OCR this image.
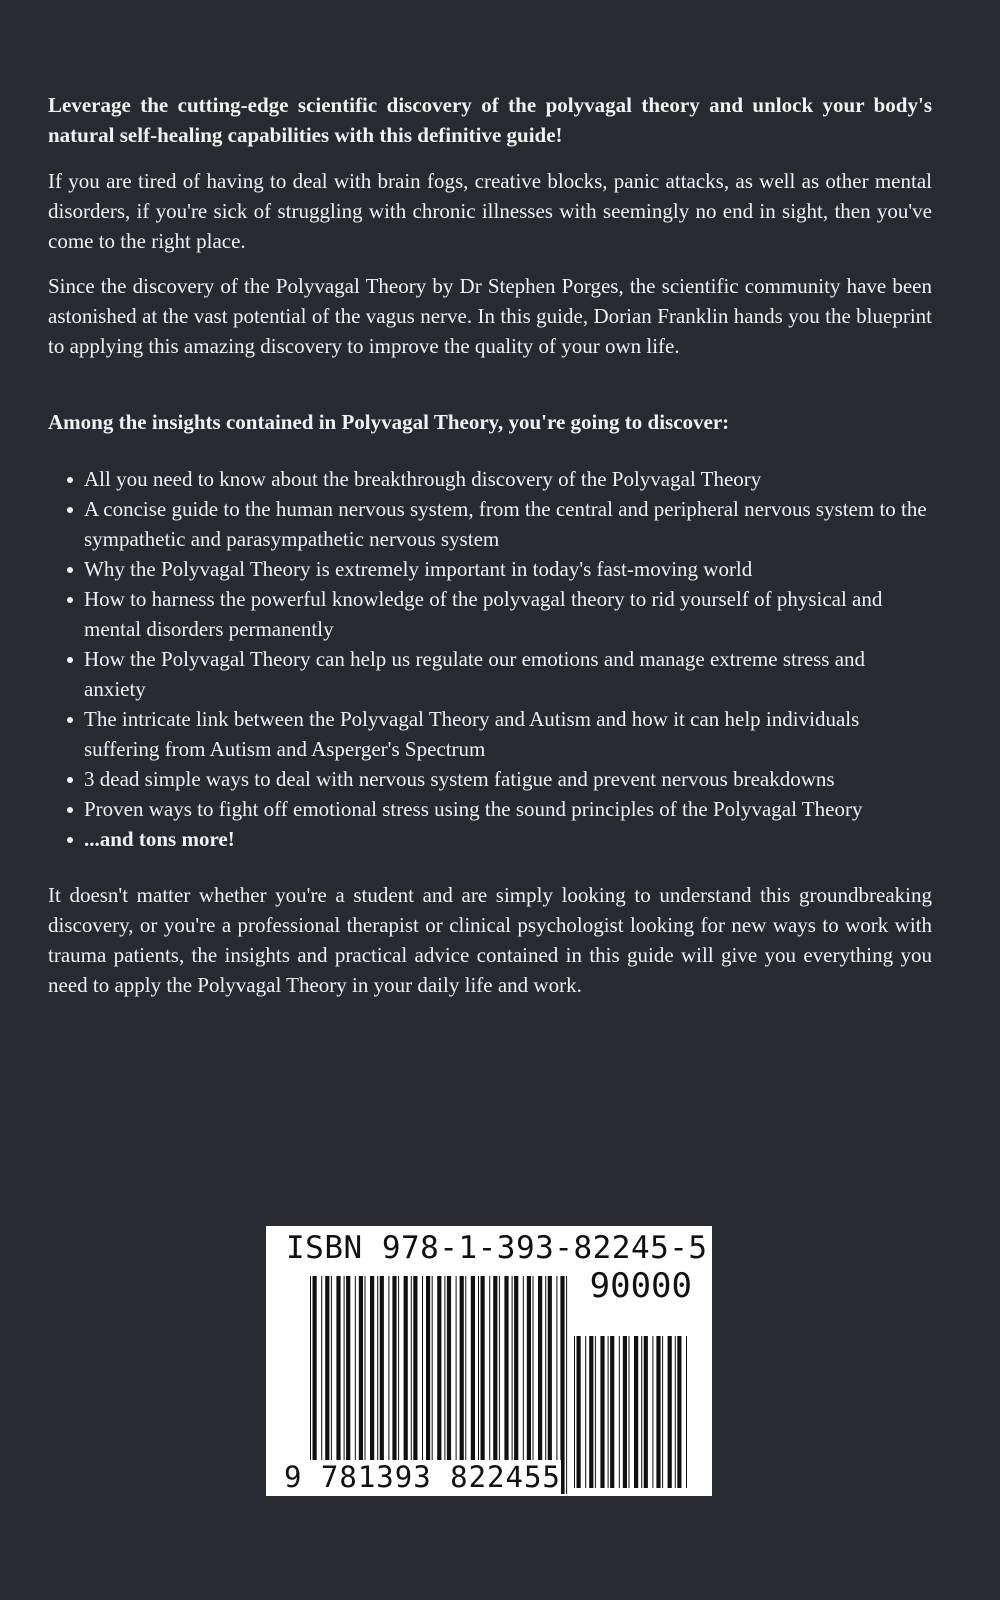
Leverage the cutting-edge scientific discovery of the polyvagal theory and unlock your body's natural self-healing capabilities with this definitive guide!

If you are tired of having to deal with brain fogs, creative blocks, panic attacks, as well as other mental disorders, if you're sick of struggling with chronic illnesses with seemingly no end in sight, then you've come to the right place.

Since the discovery of the Polyvagal Theory by Dr Stephen Porges, the scientific community have been astonished at the vast potential of the vagus nerve. In this guide, Dorian Franklin hands you the blueprint to applying this amazing discovery to improve the quality of your own life.

Among the insights contained in Polyvagal Theory, you're going to discover:

All you need to know about the breakthrough discovery of the Polyvagal Theory
A concise guide to the human nervous system, from the central and peripheral nervous system to the sympathetic and parasympathetic nervous system
Why the Polyvagal Theory is extremely important in today's fast-moving world
How to harness the powerful knowledge of the polyvagal theory to rid yourself of physical and mental disorders permanently
How the Polyvagal Theory can help us regulate our emotions and manage extreme stress and anxiety
The intricate link between the Polyvagal Theory and Autism and how it can help individuals suffering from Autism and Asperger's Spectrum
3 dead simple ways to deal with nervous system fatigue and prevent nervous breakdowns
Proven ways to fight off emotional stress using the sound principles of the Polyvagal Theory
...and tons more!

It doesn't matter whether you're a student and are simply looking to understand this groundbreaking discovery, or you're a professional therapist or clinical psychologist looking for new ways to work with trauma patients, the insights and practical advice contained in this guide will give you everything you need to apply the Polyvagal Theory in your daily life and work.

ISBN 978-1-393-82245-5
90000
9 781393 822455
